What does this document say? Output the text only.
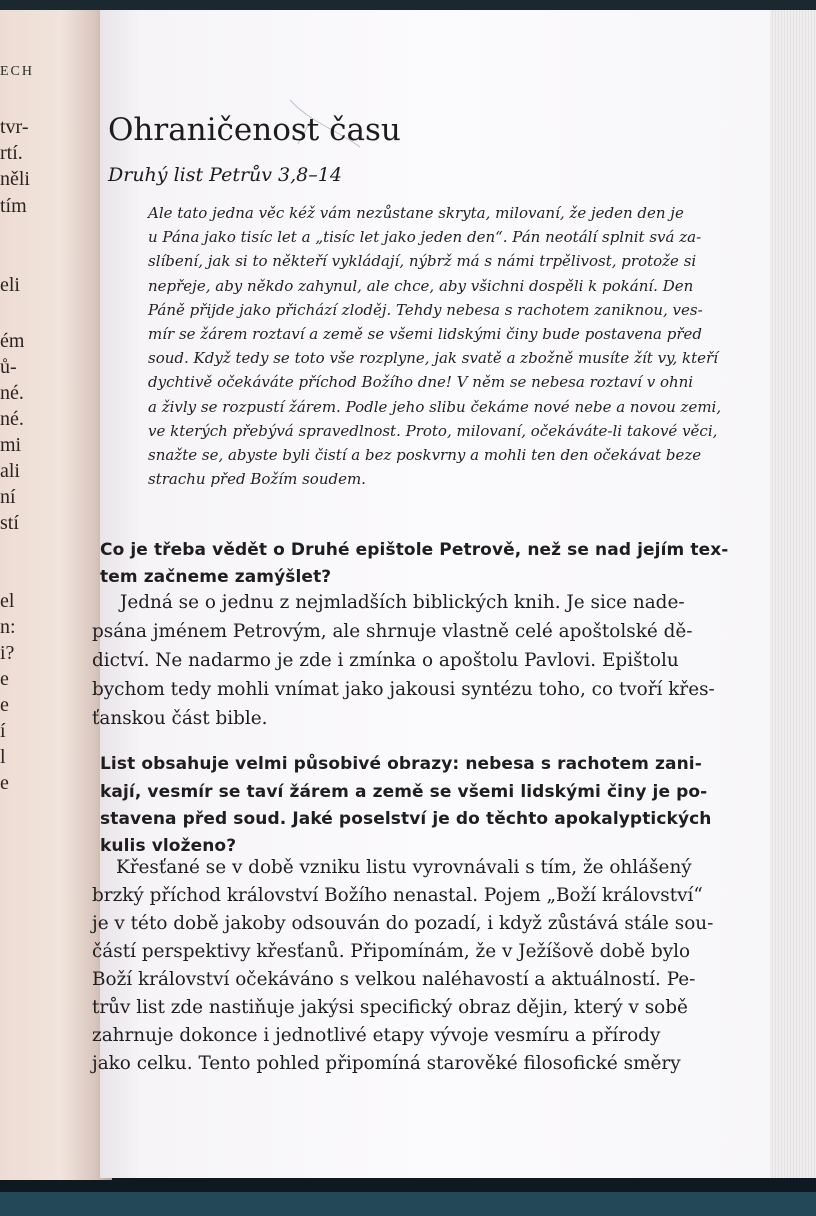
ECH
tvr-
rtí.
něli
tím
eli
ém
ů-
né.
né.
mi
ali
ní
stí
el
n:
i?
e
e
í
l
e
Ohraničenost času
Druhý list Petrův 3,8–14
Ale tato jedna věc kéž vám nezůstane skryta, milovaní, že jeden den je
u Pána jako tisíc let a „tisíc let jako jeden den“. Pán neotálí splnit svá za-
slíbení, jak si to někteří vykládají, nýbrž má s námi trpělivost, protože si
nepřeje, aby někdo zahynul, ale chce, aby všichni dospěli k pokání. Den
Páně přijde jako přichází zloděj. Tehdy nebesa s rachotem zaniknou, ves-
mír se žárem roztaví a země se všemi lidskými činy bude postavena před
soud. Když tedy se toto vše rozplyne, jak svatě a zbožně musíte žít vy, kteří
dychtivě očekáváte příchod Božího dne! V něm se nebesa roztaví v ohni
a živly se rozpustí žárem. Podle jeho slibu čekáme nové nebe a novou zemi,
ve kterých přebývá spravedlnost. Proto, milovaní, očekáváte-li takové věci,
snažte se, abyste byli čistí a bez poskvrny a mohli ten den očekávat beze
strachu před Božím soudem.
Co je třeba vědět o Druhé epištole Petrově, než se nad jejím tex-
tem začneme zamýšlet?
Jedná se o jednu z nejmladších biblických knih. Je sice nade-
psána jménem Petrovým, ale shrnuje vlastně celé apoštolské dě-
dictví. Ne nadarmo je zde i zmínka o apoštolu Pavlovi. Epištolu
bychom tedy mohli vnímat jako jakousi syntézu toho, co tvoří křes-
ťanskou část bible.
List obsahuje velmi působivé obrazy: nebesa s rachotem zani-
kají, vesmír se taví žárem a země se všemi lidskými činy je po-
stavena před soud. Jaké poselství je do těchto apokalyptických
kulis vloženo?
Křesťané se v době vzniku listu vyrovnávali s tím, že ohlášený
brzký příchod království Božího nenastal. Pojem „Boží království“
je v této době jakoby odsouván do pozadí, i když zůstává stále sou-
částí perspektivy křesťanů. Připomínám, že v Ježíšově době bylo
Boží království očekáváno s velkou naléhavostí a aktuálností. Pe-
trův list zde nastiňuje jakýsi specifický obraz dějin, který v sobě
zahrnuje dokonce i jednotlivé etapy vývoje vesmíru a přírody
jako celku. Tento pohled připomíná starověké filosofické směry
